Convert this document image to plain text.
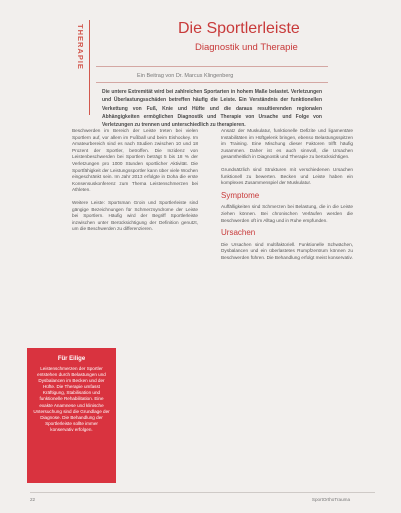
THERAPIE	Die Sportlerleiste
Diagnostik und Therapie
Ein Beitrag von Dr. Marcus Klingenberg
Die untere Extremität wird bei zahlreichen Sportarten in hohem Maße belastet. Verletzungen und Überlastungsschäden betreffen häufig die Leiste. Ein Verständnis der funktionellen Verkettung von Fuß, Knie und Hüfte und die daraus resultierenden regionalen Abhängigkeiten ermöglichen Diagnostik und Therapie von Ursache und Folge von Verletzungen zu trennen und unterschiedlich zu therapieren.

Beschwerden im Bereich der Leiste treten bei vielen Sportlern auf, vor allem im Fußball und beim Eishockey. Im Amateurbereich sind es nach Studien zwischen 10 und 18 Prozent der Sportler, betroffen. Die Inzidenz von Leistenbeschwerden bei Sportlern beträgt 5 bis 18 % der Verletzungen pro 1000 Stunden sportlicher Aktivität. Die Sportfähigkeit der Leistungssportler kann über viele Wochen eingeschränkt sein. Im Jahr 2013 erfolgte in Doha die erste Konsensuskonferenz zum Thema Leistenschmerzen bei Athleten.

Weitere Leiste: Sportsman Groin und Sportlerleiste sind gängige Bezeichnungen für Schmerzsyndrome der Leiste bei Sportlern. Häufig wird der Begriff Sportlerleiste inzwischen unter Berücksichtigung der Definition genutzt, um die Beschwerden zu differenzieren.

Ansatz der Muskulatur, funktionelle Defizite und ligamentäre Instabilitäten im Hüftgelenk bringen, ebenso Belastungsspitzen im Training. Eine Mischung dieser Faktoren trifft häufig zusammen. Daher ist es auch sinnvoll, die Ursachen gesamtheitlich in Diagnostik und Therapie zu berücksichtigen.

Grundsätzlich sind Strukturen mit verschiedenen Ursachen funktionell zu bewerten. Becken und Leiste haben ein komplexes Zusammenspiel der Muskulatur.

Symptome

Auffälligkeiten sind Schmerzen bei Belastung, die in die Leiste ziehen können. Bei chronischen Verläufen werden die Beschwerden oft im Alltag und in Ruhe empfunden.

Ursachen

Die Ursachen sind multifaktoriell. Funktionelle Schwächen, Dysbalancen und ein überlastetes Rumpfzentrum können zu Beschwerden führen. Die Behandlung erfolgt meist konservativ.

Für Eilige

Leistenschmerzen der Sportler entstehen durch Belastungen und Dysbalancen im Becken und der Hüfte. Die Therapie umfasst Kräftigung, Stabilisation und funktionelle Rehabilitation. Eine exakte Anamnese und klinische Untersuchung sind die Grundlage der Diagnose. Die Behandlung der Sportlerleiste sollte immer konservativ erfolgen.

22	SportOrthoTrauma
